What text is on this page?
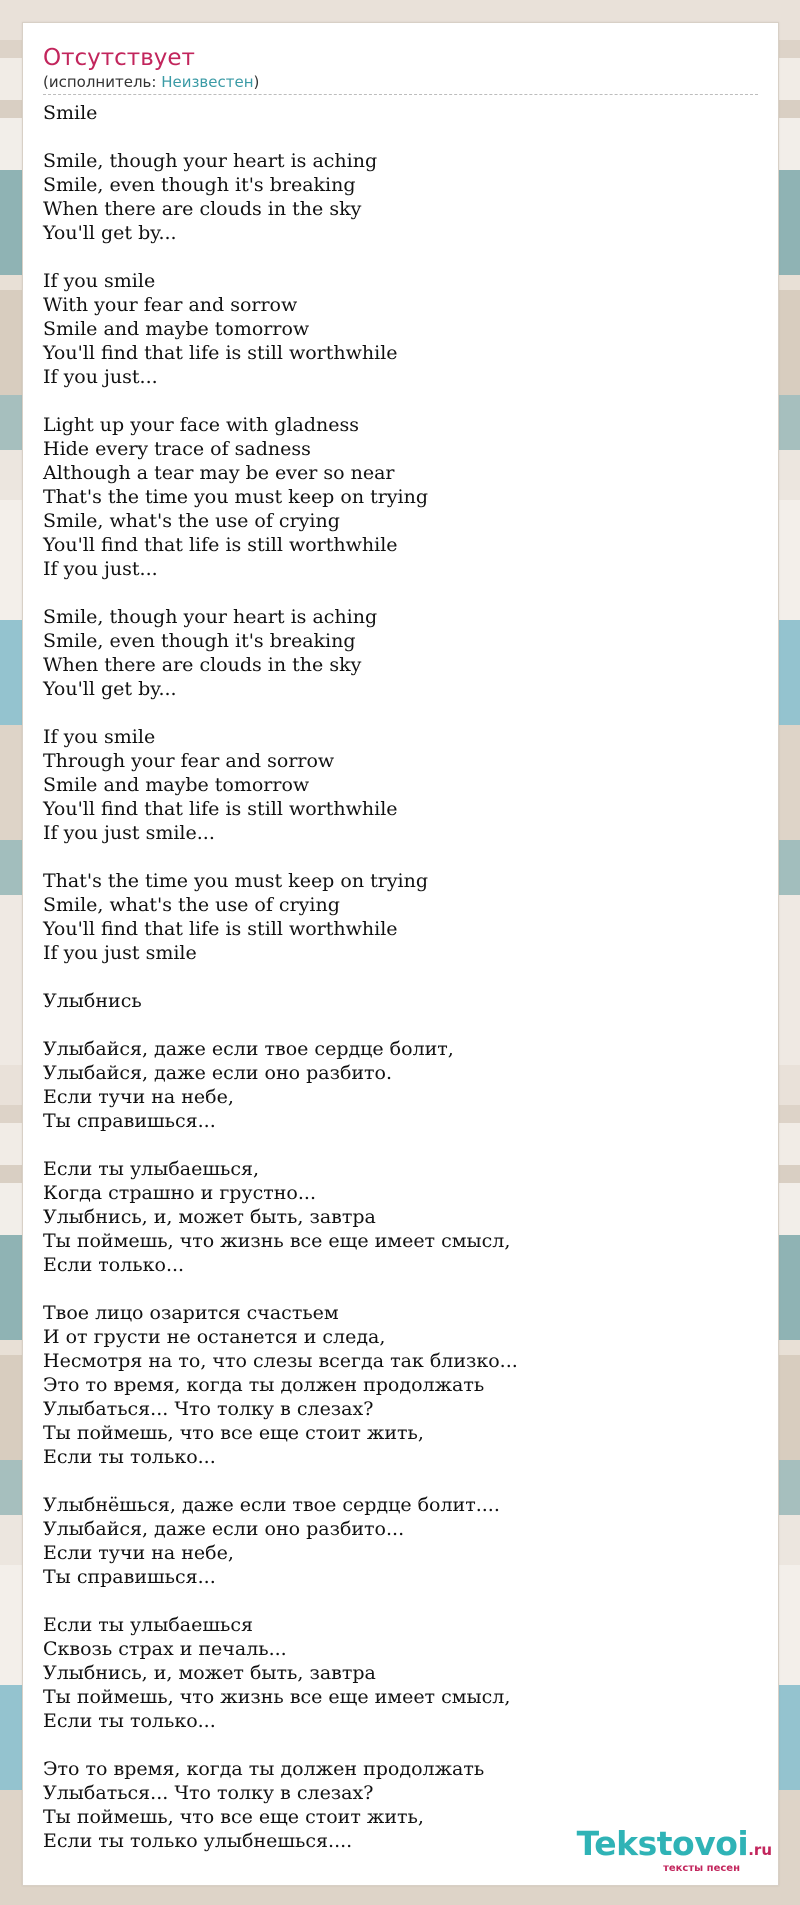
Отсутствует
(исполнитель: Неизвестен)
Smile
Smile, though your heart is aching
Smile, even though it's breaking
When there are clouds in the sky
You'll get by...
If you smile
With your fear and sorrow
Smile and maybe tomorrow
You'll find that life is still worthwhile
If you just...
Light up your face with gladness
Hide every trace of sadness
Although a tear may be ever so near
That's the time you must keep on trying
Smile, what's the use of crying
You'll find that life is still worthwhile
If you just...
Smile, though your heart is aching
Smile, even though it's breaking
When there are clouds in the sky
You'll get by...
If you smile
Through your fear and sorrow
Smile and maybe tomorrow
You'll find that life is still worthwhile
If you just smile...
That's the time you must keep on trying
Smile, what's the use of crying
You'll find that life is still worthwhile
If you just smile
Улыбнись
Улыбайся, даже если твое сердце болит,
Улыбайся, даже если оно разбито.
Если тучи на небе,
Ты справишься...
Если ты улыбаешься,
Когда страшно и грустно...
Улыбнись, и, может быть, завтра
Ты поймешь, что жизнь все еще имеет смысл,
Если только...
Твое лицо озарится счастьем
И от грусти не останется и следа,
Несмотря на то, что слезы всегда так близко...
Это то время, когда ты должен продолжать
Улыбаться... Что толку в слезах?
Ты поймешь, что все еще стоит жить,
Если ты только...
Улыбнёшься, даже если твое сердце болит....
Улыбайся, даже если оно разбито...
Если тучи на небе,
Ты справишься...
Если ты улыбаешься
Сквозь страх и печаль...
Улыбнись, и, может быть, завтра
Ты поймешь, что жизнь все еще имеет смысл,
Если ты только...
Это то время, когда ты должен продолжать
Улыбаться... Что толку в слезах?
Ты поймешь, что все еще стоит жить,
Если ты только улыбнешься....	Tekstovoi.ru
тексты песен
